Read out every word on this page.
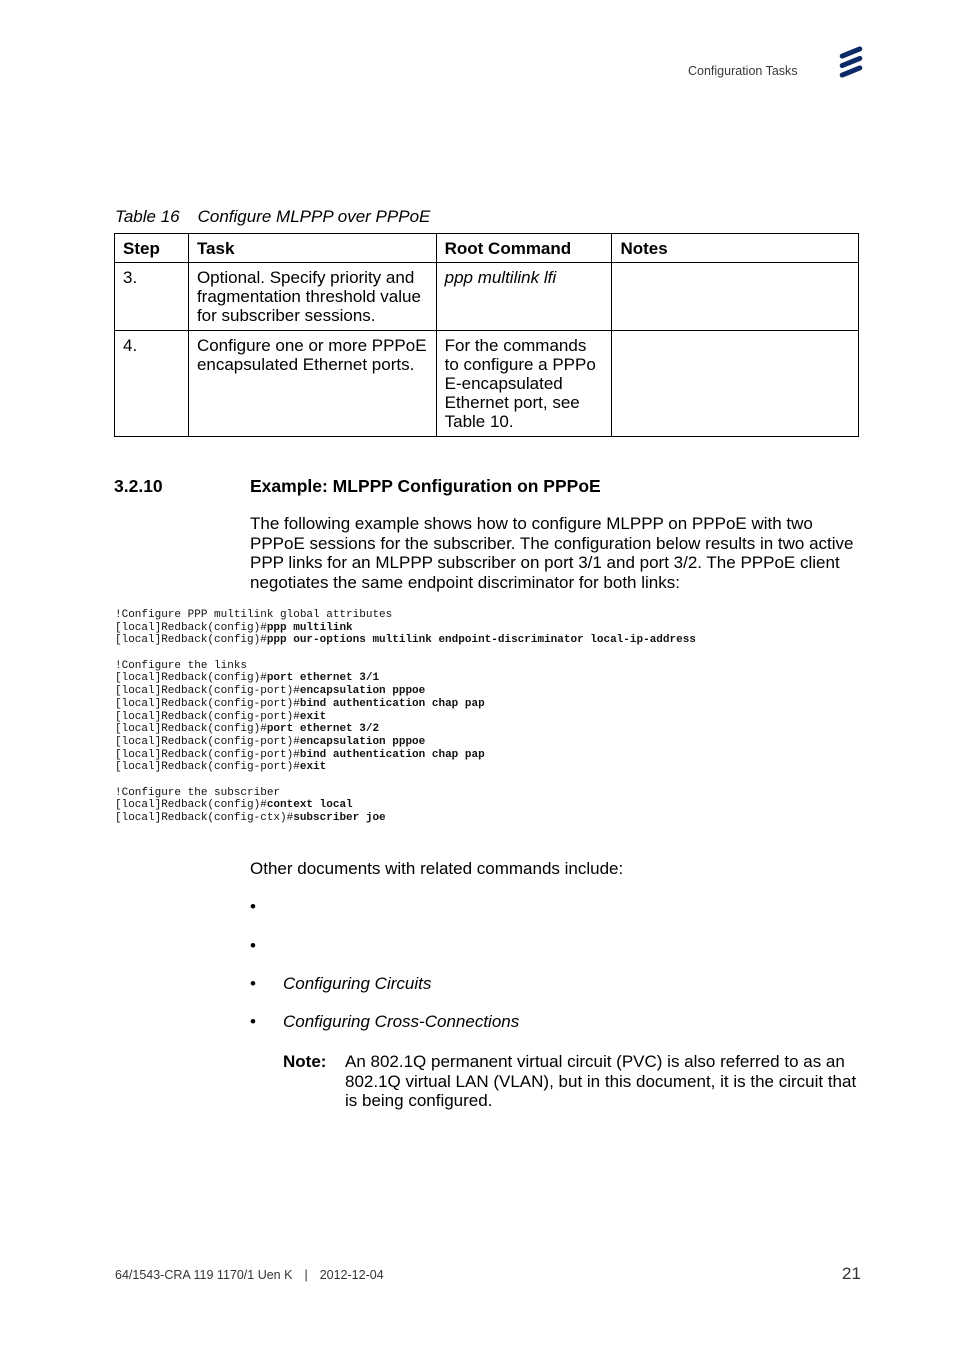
Configuration Tasks
Table 16 Configure MLPPP over PPPoE
Step	Task	Root Command	Notes
3.	Optional. Specify priority and fragmentation threshold value for subscriber sessions.	ppp multilink lfi	
4.	Configure one or more PPPoE encapsulated Ethernet ports.	For the commands to configure a PPPo E-encapsulated Ethernet port, see Table 10.	
3.2.10	Example: MLPPP Configuration on PPPoE

The following example shows how to configure MLPPP on PPPoE with two PPPoE sessions for the subscriber. The configuration below results in two active PPP links for an MLPPP subscriber on port 3/1 and port 3/2. The PPPoE client negotiates the same endpoint discriminator for both links:

!Configure PPP multilink global attributes
[local]Redback(config)#ppp multilink
[local]Redback(config)#ppp our-options multilink endpoint-discriminator local-ip-address
!Configure the links
[local]Redback(config)#port ethernet 3/1
[local]Redback(config-port)#encapsulation pppoe
[local]Redback(config-port)#bind authentication chap pap
[local]Redback(config-port)#exit
[local]Redback(config)#port ethernet 3/2
[local]Redback(config-port)#encapsulation pppoe
[local]Redback(config-port)#bind authentication chap pap
[local]Redback(config-port)#exit
!Configure the subscriber
[local]Redback(config)#context local
[local]Redback(config-ctx)#subscriber joe

Other documents with related commands include:

•
•
• Configuring Circuits
• Configuring Cross-Connections
Note: An 802.1Q permanent virtual circuit (PVC) is also referred to as an 802.1Q virtual LAN (VLAN), but in this document, it is the circuit that is being configured.

64/1543-CRA 119 1170/1 Uen K | 2012-12-04	21
